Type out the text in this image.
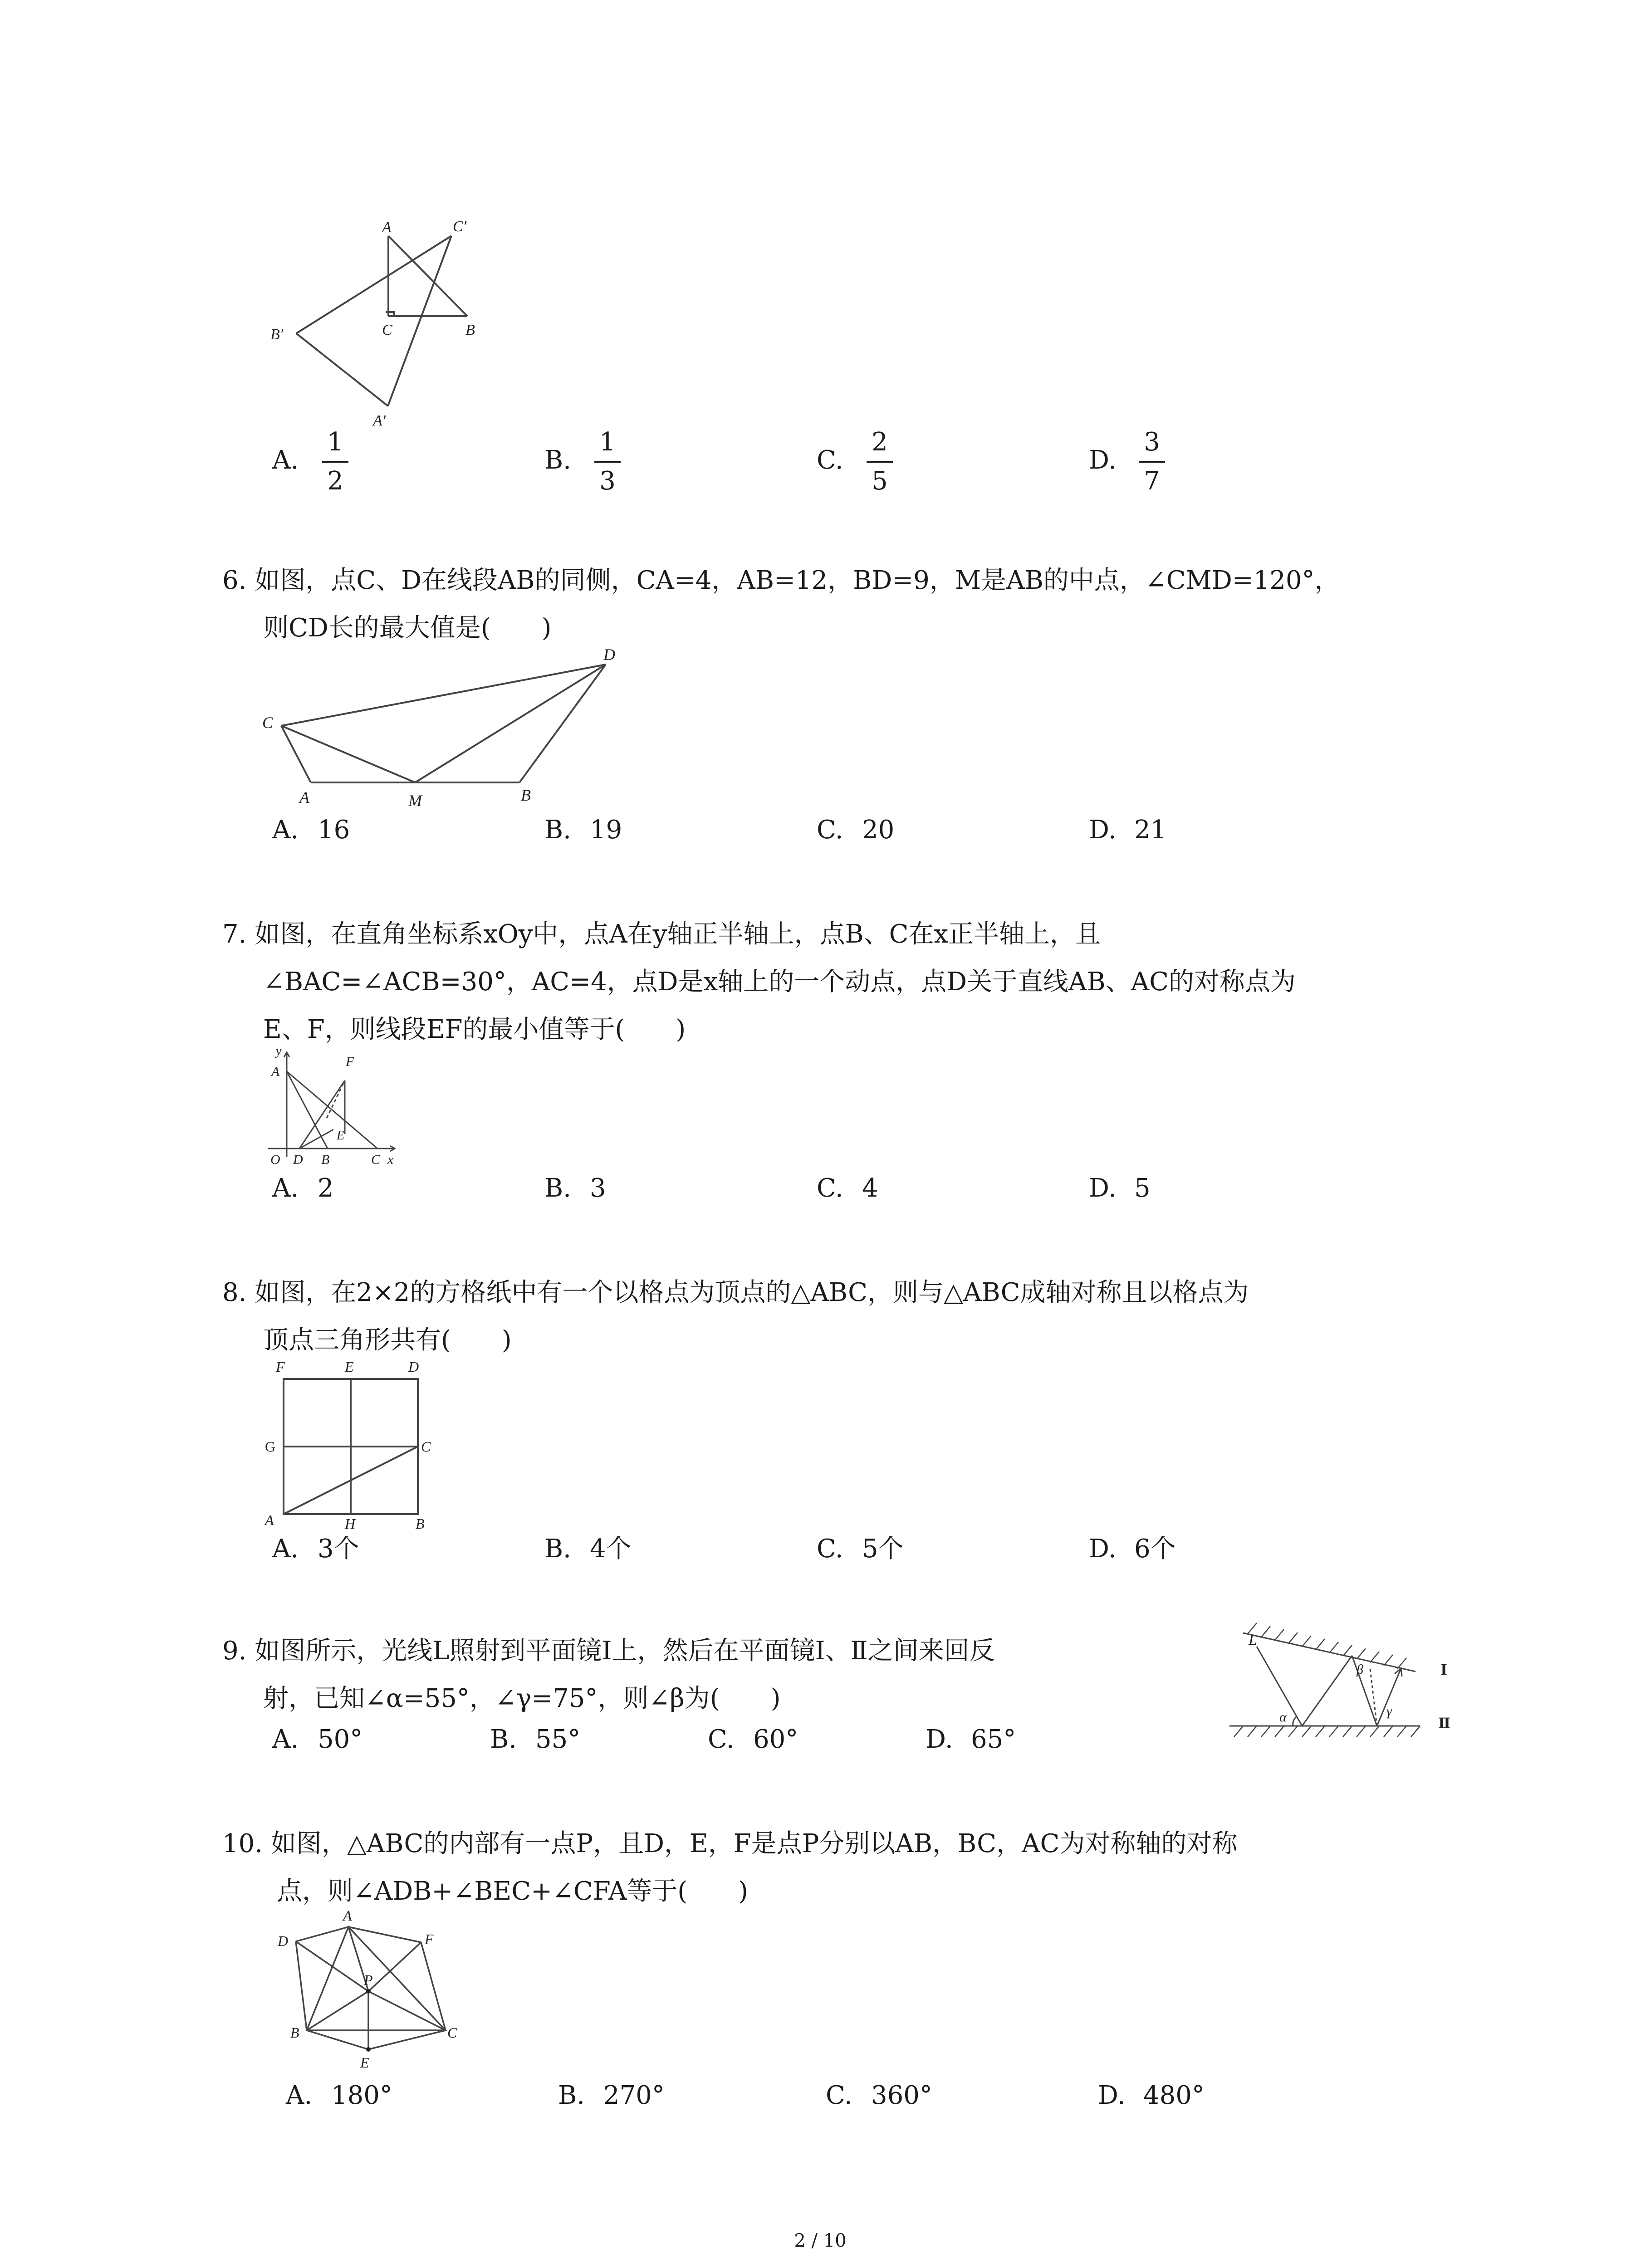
A	C′
C	B
B′
A′
A.
1
2
B.
1
3
C.
2
5
D.
3
7
6. 如图，点C、D在线段AB的同侧，CA=4，AB=12，BD=9，M是AB的中点，∠CMD=120°，
则CD长的最大值是(　　)
C
D
A	M	B
A. 16	B. 19	C. 20	D. 21
7. 如图，在直角坐标系xOy中，点A在y轴正半轴上，点B、C在x正半轴上，且
∠BAC=∠ACB=30°，AC=4，点D是x轴上的一个动点，点D关于直线AB、AC的对称点为
E、F，则线段EF的最小值等于(　　)
y
A
F
E
O D B	C x
A. 2	B. 3	C. 4	D. 5
8. 如图，在2×2的方格纸中有一个以格点为顶点的△ABC，则与△ABC成轴对称且以格点为
顶点三角形共有(　　)
F	E	D
G	C
A	H	B
A. 3个	B. 4个	C. 5个	D. 6个
9. 如图所示，光线L照射到平面镜Ⅰ上，然后在平面镜Ⅰ、Ⅱ之间来回反
射，已知∠α=55°，∠γ=75°，则∠β为(　　)
L
β
α	γ
Ⅰ
Ⅱ
A. 50°	B. 55°	C. 60°	D. 65°
10. 如图，△ABC的内部有一点P，且D，E，F是点P分别以AB，BC，AC为对称轴的对称
点，则∠ADB+∠BEC+∠CFA等于(　　)
A
D	F
P
B	C
E
A. 180°	B. 270°	C. 360°	D. 480°
2 / 10
